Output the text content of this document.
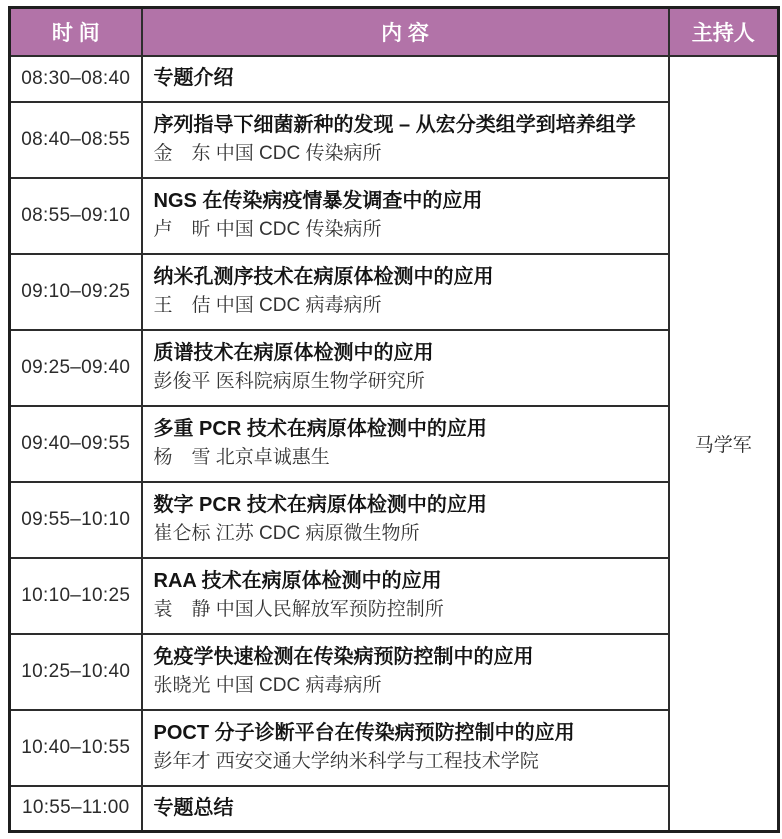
时 间	内 容	主持人
08:30–08:40	专题介绍	马学军
08:40–08:55	序列指导下细菌新种的发现 – 从宏分类组学到培养组学
金　东 中国 CDC 传染病所	

08:55–09:10	NGS 在传染病疫情暴发调查中的应用
卢　昕 中国 CDC 传染病所	

09:10–09:25	纳米孔测序技术在病原体检测中的应用
王　佶 中国 CDC 病毒病所	

09:25–09:40	质谱技术在病原体检测中的应用
彭俊平 医科院病原生物学研究所	

09:40–09:55	多重 PCR 技术在病原体检测中的应用
杨　雪 北京卓诚惠生	

09:55–10:10	数字 PCR 技术在病原体检测中的应用
崔仑标 江苏 CDC 病原微生物所	

10:10–10:25	RAA 技术在病原体检测中的应用
袁　静 中国人民解放军预防控制所	

10:25–10:40	免疫学快速检测在传染病预防控制中的应用
张晓光 中国 CDC 病毒病所	

10:40–10:55	POCT 分子诊断平台在传染病预防控制中的应用
彭年才 西安交通大学纳米科学与工程技术学院	

10:55–11:00	专题总结	
